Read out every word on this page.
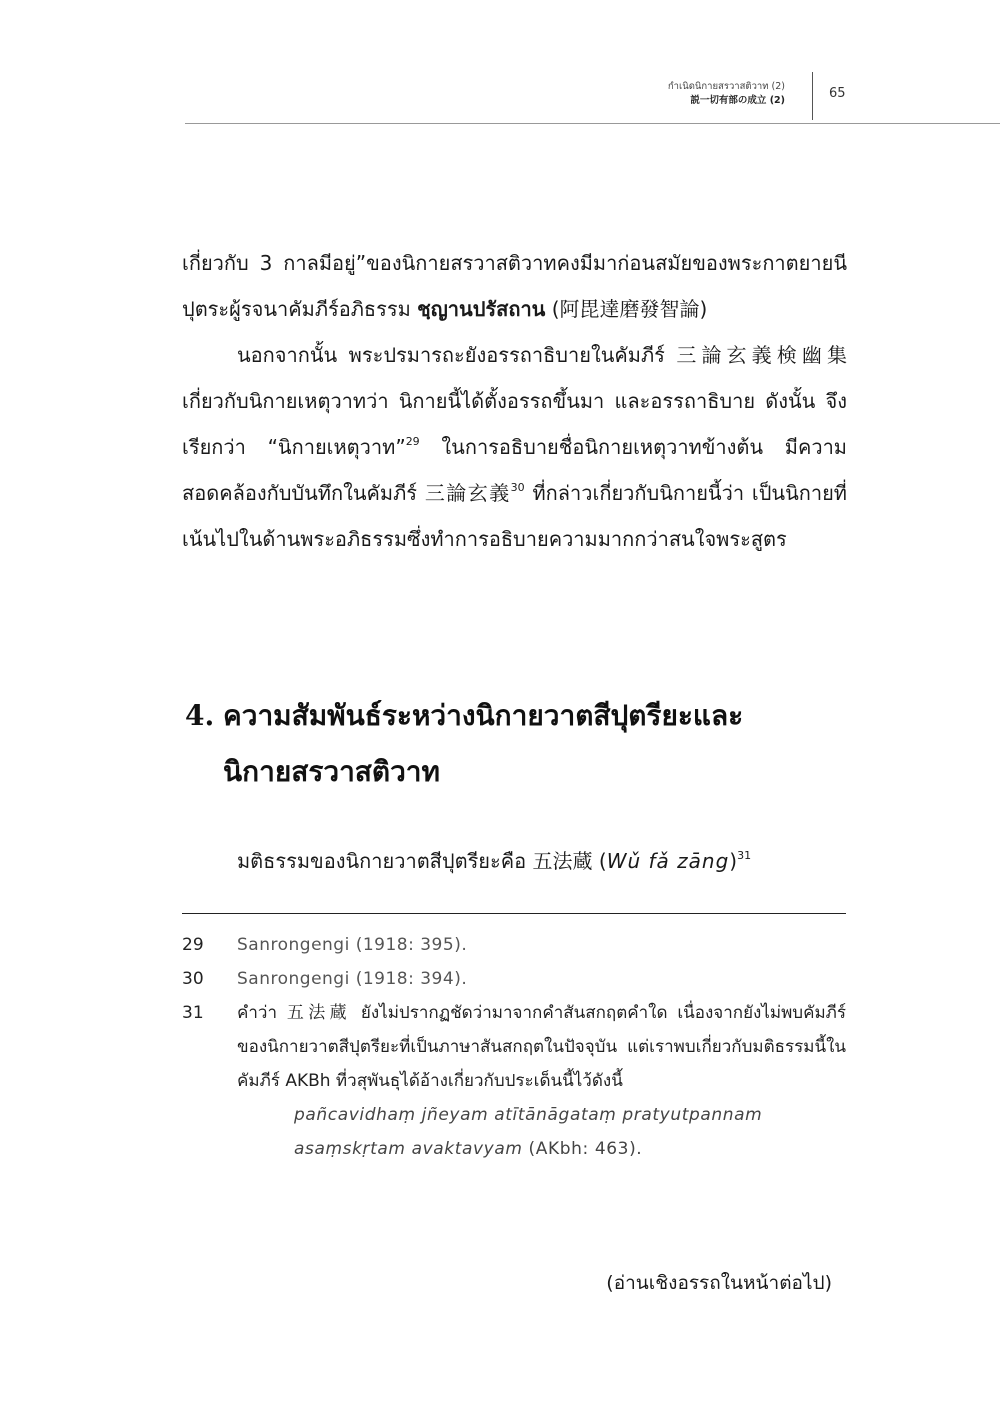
กำเนิดนิกายสรวาสติวาท (2)
説一切有部の成立 (2)	65

เกี่ยวกับ 3 กาลมีอยู่”ของนิกายสรวาสติวาทคงมีมาก่อนสมัยของพระกาตยายนีปุตระผู้รจนาคัมภีร์อภิธรรม ชฺญานปรัสถาน (阿毘達磨發智論)

นอกจากนั้น พระปรมารถะยังอรรถาธิบายในคัมภีร์ 三論玄義検幽集 เกี่ยวกับนิกายเหตุวาทว่า นิกายนี้ได้ตั้งอรรถขึ้นมา และอรรถาธิบาย ดังนั้น จึงเรียกว่า “นิกายเหตุวาท”$^{29}$ ในการอธิบายชื่อนิกายเหตุวาทข้างต้น มีความสอดคล้องกับบันทึกในคัมภีร์ 三論玄義$^{30}$ ที่กล่าวเกี่ยวกับนิกายนี้ว่า เป็นนิกายที่เน้นไปในด้านพระอภิธรรมซึ่งทำการอธิบายความมากกว่าสนใจพระสูตร

4. ความสัมพันธ์ระหว่างนิกายวาตสีปุตรียะและ
นิกายสรวาสติวาท
มติธรรมของนิกายวาตสีปุตรียะคือ 五法蔵 (Wǔ fǎ zāng)$^{31}$
29 Sanrongengi (1918: 395).
30 Sanrongengi (1918: 394).
31 คำว่า 五法蔵 ยังไม่ปรากฏชัดว่ามาจากคำสันสกฤตคำใด เนื่องจากยังไม่พบคัมภีร์ของนิกายวาตสีปุตรียะที่เป็นภาษาสันสกฤตในปัจจุบัน แต่เราพบเกี่ยวกับมติธรรมนี้ในคัมภีร์ AKBh ที่วสุพันธุได้อ้างเกี่ยวกับประเด็นนี้ไว้ดังนี้
pañcavidhaṃ jñeyam atītānāgataṃ pratyutpannam
asaṃskṛtam avaktavyam (AKbh: 463).
(อ่านเชิงอรรถในหน้าต่อไป)
